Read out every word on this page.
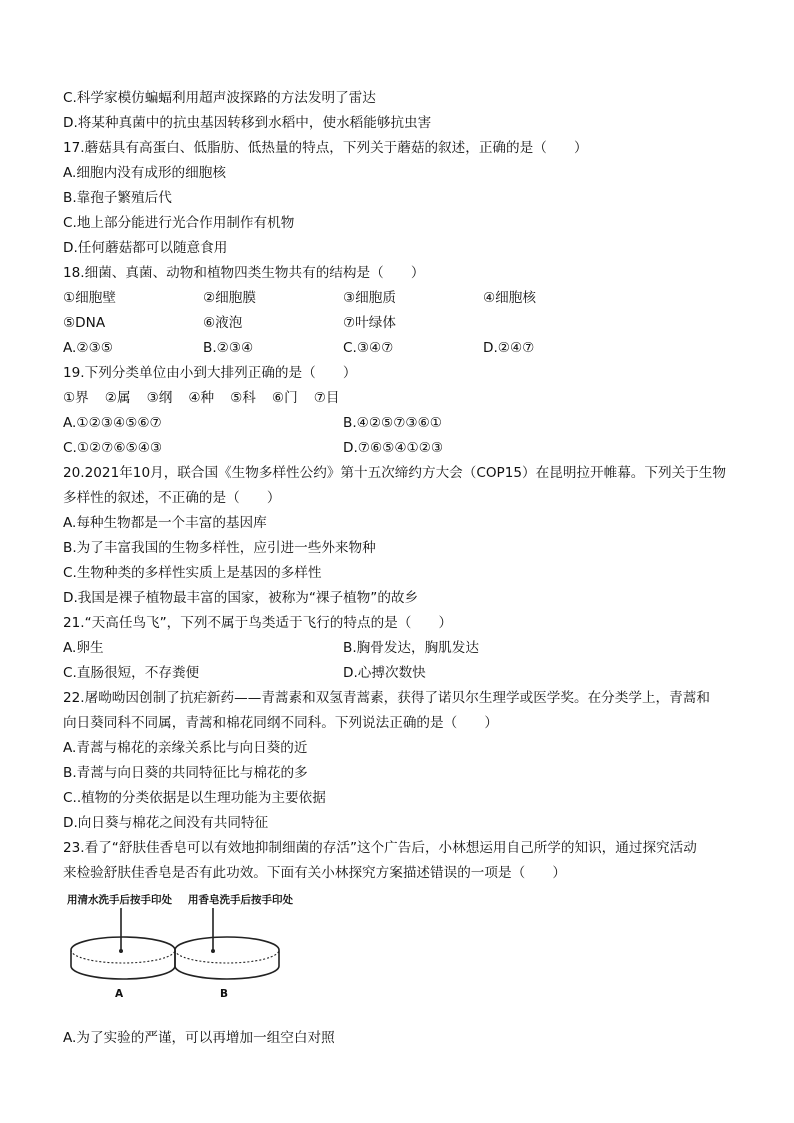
C.科学家模仿蝙蝠利用超声波探路的方法发明了雷达
D.将某种真菌中的抗虫基因转移到水稻中，使水稻能够抗虫害
17.蘑菇具有高蛋白、低脂肪、低热量的特点，下列关于蘑菇的叙述，正确的是（　　）
A.细胞内没有成形的细胞核
B.靠孢子繁殖后代
C.地上部分能进行光合作用制作有机物
D.任何蘑菇都可以随意食用
18.细菌、真菌、动物和植物四类生物共有的结构是（　　）
①细胞壁	②细胞膜	③细胞质	④细胞核
⑤DNA	⑥液泡	⑦叶绿体
A.②③⑤	B.②③④	C.③④⑦	D.②④⑦
19.下列分类单位由小到大排列正确的是（　　）
①界 ②属 ③纲 ④种 ⑤科 ⑥门 ⑦目
A.①②③④⑤⑥⑦	B.④②⑤⑦③⑥①
C.①②⑦⑥⑤④③	D.⑦⑥⑤④①②③
20.2021年10月，联合国《生物多样性公约》第十五次缔约方大会（COP15）在昆明拉开帷幕。下列关于生物
多样性的叙述，不正确的是（　　）
A.每种生物都是一个丰富的基因库
B.为了丰富我国的生物多样性，应引进一些外来物种
C.生物种类的多样性实质上是基因的多样性
D.我国是裸子植物最丰富的国家，被称为“裸子植物”的故乡
21.“天高任鸟飞”，下列不属于鸟类适于飞行的特点的是（　　）
A.卵生	B.胸骨发达，胸肌发达
C.直肠很短，不存粪便	D.心搏次数快
22.屠呦呦因创制了抗疟新药——青蒿素和双氢青蒿素，获得了诺贝尔生理学或医学奖。在分类学上，青蒿和
向日葵同科不同属，青蒿和棉花同纲不同科。下列说法正确的是（　　）
A.青蒿与棉花的亲缘关系比与向日葵的近
B.青蒿与向日葵的共同特征比与棉花的多
C..植物的分类依据是以生理功能为主要依据
D.向日葵与棉花之间没有共同特征
23.看了“舒肤佳香皂可以有效地抑制细菌的存活”这个广告后，小林想运用自己所学的知识，通过探究活动
来检验舒肤佳香皂是否有此功效。下面有关小林探究方案描述错误的一项是（　　）
用清水洗手后按手印处 用香皂洗手后按手印处
A	B
A.为了实验的严谨，可以再增加一组空白对照
